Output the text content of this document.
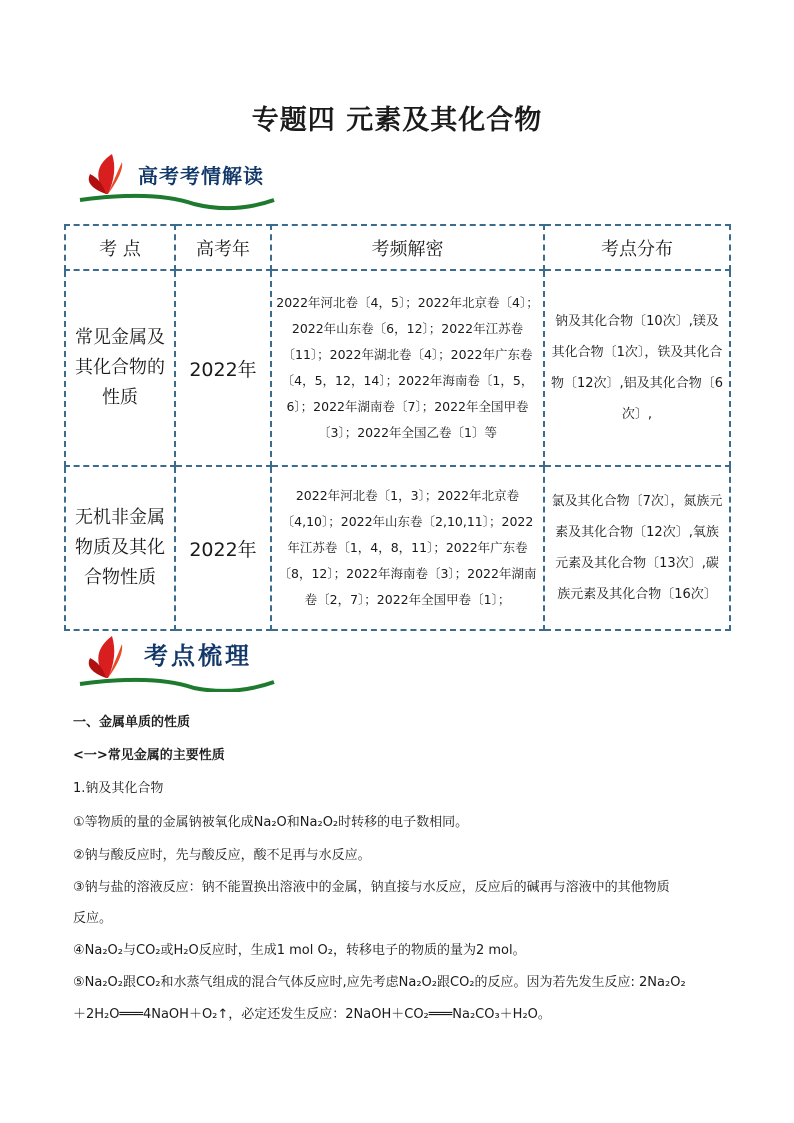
专题四 元素及其化合物
高考考情解读
考 点	高考年	考频解密	考点分布
常见金属及其化合物的性质	2022年	2022年河北卷〔4，5〕；2022年北京卷〔4〕；2022年山东卷〔6，12〕；2022年江苏卷〔11〕；2022年湖北卷〔4〕；2022年广东卷〔4，5，12，14〕；2022年海南卷〔1，5，6〕；2022年湖南卷〔7〕；2022年全国甲卷〔3〕；2022年全国乙卷〔1〕等	钠及其化合物〔10次〕,镁及其化合物〔1次〕，铁及其化合物〔12次〕,铝及其化合物〔6次〕,
无机非金属物质及其化合物性质	2022年	2022年河北卷〔1，3〕；2022年北京卷〔4,10〕；2022年山东卷〔2,10,11〕；2022年江苏卷〔1，4，8，11〕；2022年广东卷〔8，12〕；2022年海南卷〔3〕；2022年湖南卷〔2，7〕；2022年全国甲卷〔1〕；	氯及其化合物〔7次〕，氮族元素及其化合物〔12次〕,氧族元素及其化合物〔13次〕,碳族元素及其化合物〔16次〕
考点梳理

一、金属单质的性质

<一>常见金属的主要性质

1.钠及其化合物

①等物质的量的金属钠被氧化成Na₂O和Na₂O₂时转移的电子数相同。

②钠与酸反应时，先与酸反应，酸不足再与水反应。

③钠与盐的溶液反应：钠不能置换出溶液中的金属，钠直接与水反应，反应后的碱再与溶液中的其他物质

反应。

④Na₂O₂与CO₂或H₂O反应时，生成1 mol O₂，转移电子的物质的量为2 mol。

⑤Na₂O₂跟CO₂和水蒸气组成的混合气体反应时,应先考虑Na₂O₂跟CO₂的反应。因为若先发生反应: 2Na₂O₂

＋2H₂O═══4NaOH＋O₂↑，必定还发生反应：2NaOH＋CO₂═══Na₂CO₃＋H₂O。
